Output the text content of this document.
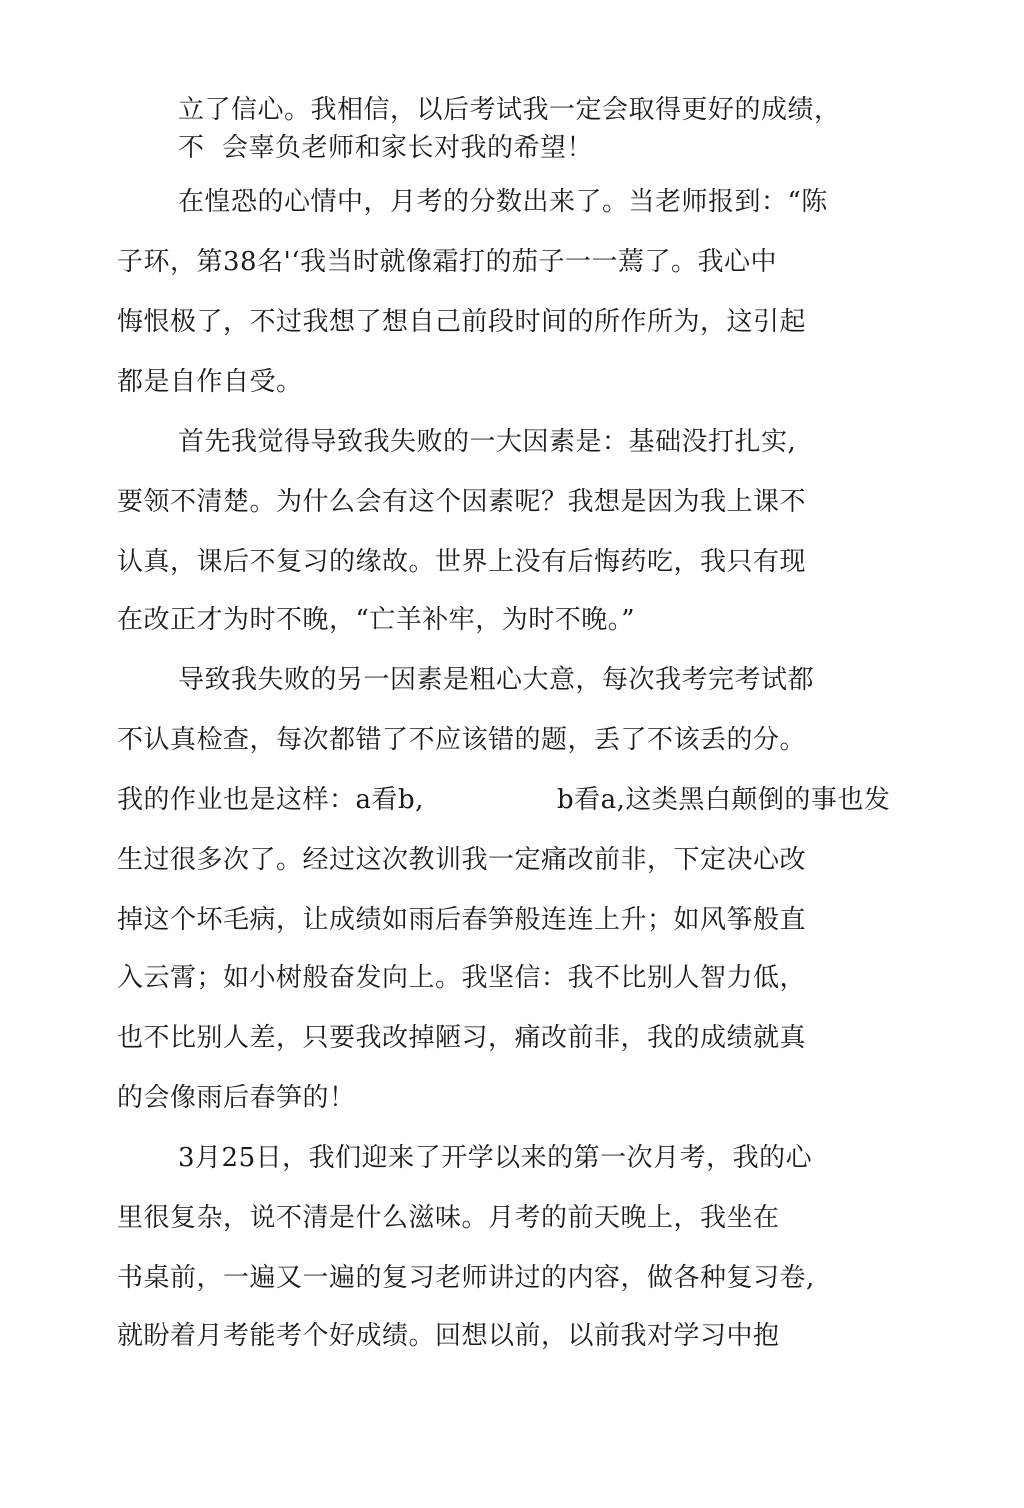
立了信心。我相信，以后考试我一定会取得更好的成绩，

不  会辜负老师和家长对我的希望！

在惶恐的心情中，月考的分数出来了。当老师报到：“陈

子环，第38名'‘我当时就像霜打的茄子一一蔫了。我心中

悔恨极了，不过我想了想自己前段时间的所作所为，这引起

都是自作自受。

首先我觉得导致我失败的一大因素是：基础没打扎实,

要领不清楚。为什么会有这个因素呢？我想是因为我上课不

认真，课后不复习的缘故。世界上没有后悔药吃，我只有现

在改正才为时不晚，“亡羊补牢，为时不晚。”

导致我失败的另一因素是粗心大意，每次我考完考试都

不认真检查，每次都错了不应该错的题，丢了不该丢的分。

我的作业也是这样：a看b,	b看a,这类黑白颠倒的事也发

生过很多次了。经过这次教训我一定痛改前非，下定决心改

掉这个坏毛病，让成绩如雨后春笋般连连上升；如风筝般直

入云霄；如小树般奋发向上。我坚信：我不比别人智力低，

也不比别人差，只要我改掉陋习，痛改前非，我的成绩就真

的会像雨后春笋的！

3月25日，我们迎来了开学以来的第一次月考，我的心

里很复杂，说不清是什么滋味。月考的前天晚上，我坐在

书桌前，一遍又一遍的复习老师讲过的内容，做各种复习卷,

就盼着月考能考个好成绩。回想以前，以前我对学习中抱
